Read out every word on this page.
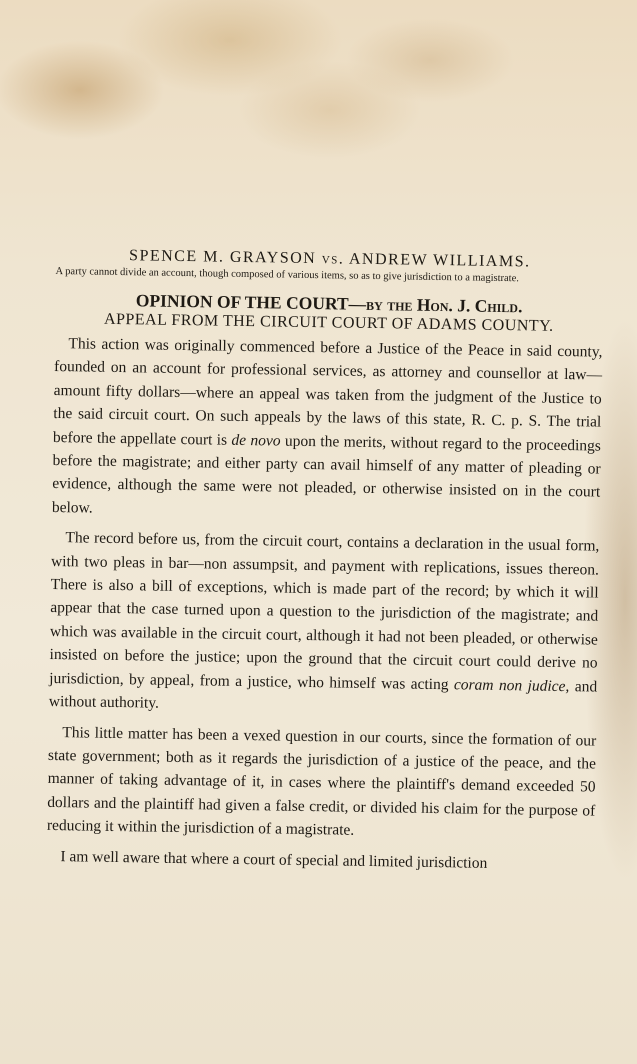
SPENCE M. GRAYSON vs. ANDREW WILLIAMS.
A party cannot divide an account, though composed of various items, so as to give jurisdiction to a magistrate.
OPINION OF THE COURT—by the Hon. J. Child.
APPEAL FROM THE CIRCUIT COURT OF ADAMS COUNTY.

This action was originally commenced before a Justice of the Peace in said county, founded on an account for professional services, as attorney and counsellor at law—amount fifty dollars—where an appeal was taken from the judgment of the Justice to the said circuit court. On such appeals by the laws of this state, R. C. p. S. The trial before the appellate court is de novo upon the merits, without regard to the proceedings before the magistrate; and either party can avail himself of any matter of pleading or evidence, although the same were not pleaded, or otherwise insisted on in the court below.

The record before us, from the circuit court, contains a declaration in the usual form, with two pleas in bar—non assumpsit, and payment with replications, issues thereon. There is also a bill of exceptions, which is made part of the record; by which it will appear that the case turned upon a question to the jurisdiction of the magistrate; and which was available in the circuit court, although it had not been pleaded, or otherwise insisted on before the justice; upon the ground that the circuit court could derive no jurisdiction, by appeal, from a justice, who himself was acting coram non judice, and without authority.

This little matter has been a vexed question in our courts, since the formation of our state government; both as it regards the jurisdiction of a justice of the peace, and the manner of taking advantage of it, in cases where the plaintiff's demand exceeded 50 dollars and the plaintiff had given a false credit, or divided his claim for the purpose of reducing it within the jurisdiction of a magistrate.

I am well aware that where a court of special and limited jurisdiction
